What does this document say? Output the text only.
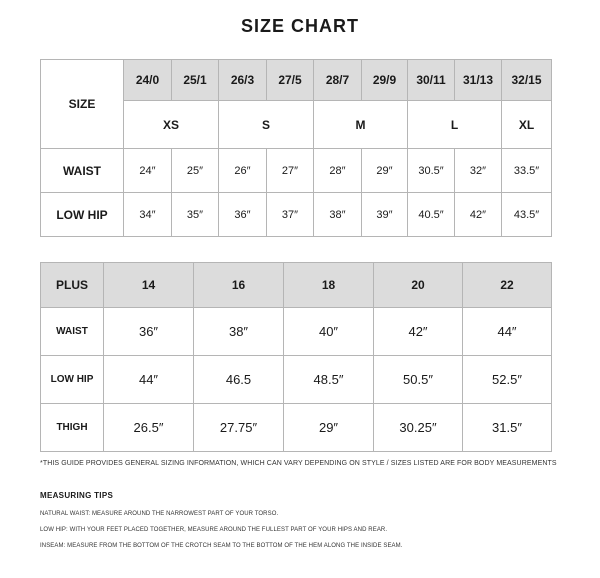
SIZE CHART
SIZE	24/0	25/1	26/3	27/5	28/7	29/9	30/11	31/13	32/15
	XS		S		M		L		XL
WAIST	24″	25″	26″	27″	28″	29″	30.5″	32″	33.5″
LOW HIP	34″	35″	36″	37″	38″	39″	40.5″	42″	43.5″
PLUS	14	16	18	20	22
WAIST	36″	38″	40″	42″	44″
LOW HIP	44″	46.5	48.5″	50.5″	52.5″
THIGH	26.5″	27.75″	29″	30.25″	31.5″
*THIS GUIDE PROVIDES GENERAL SIZING INFORMATION, WHICH CAN VARY DEPENDING ON STYLE / SIZES LISTED ARE FOR BODY MEASUREMENTS
MEASURING TIPS
NATURAL WAIST: MEASURE AROUND THE NARROWEST PART OF YOUR TORSO.
LOW HIP: WITH YOUR FEET PLACED TOGETHER, MEASURE AROUND THE FULLEST PART OF YOUR HIPS AND REAR.
INSEAM: MEASURE FROM THE BOTTOM OF THE CROTCH SEAM TO THE BOTTOM OF THE HEM ALONG THE INSIDE SEAM.
